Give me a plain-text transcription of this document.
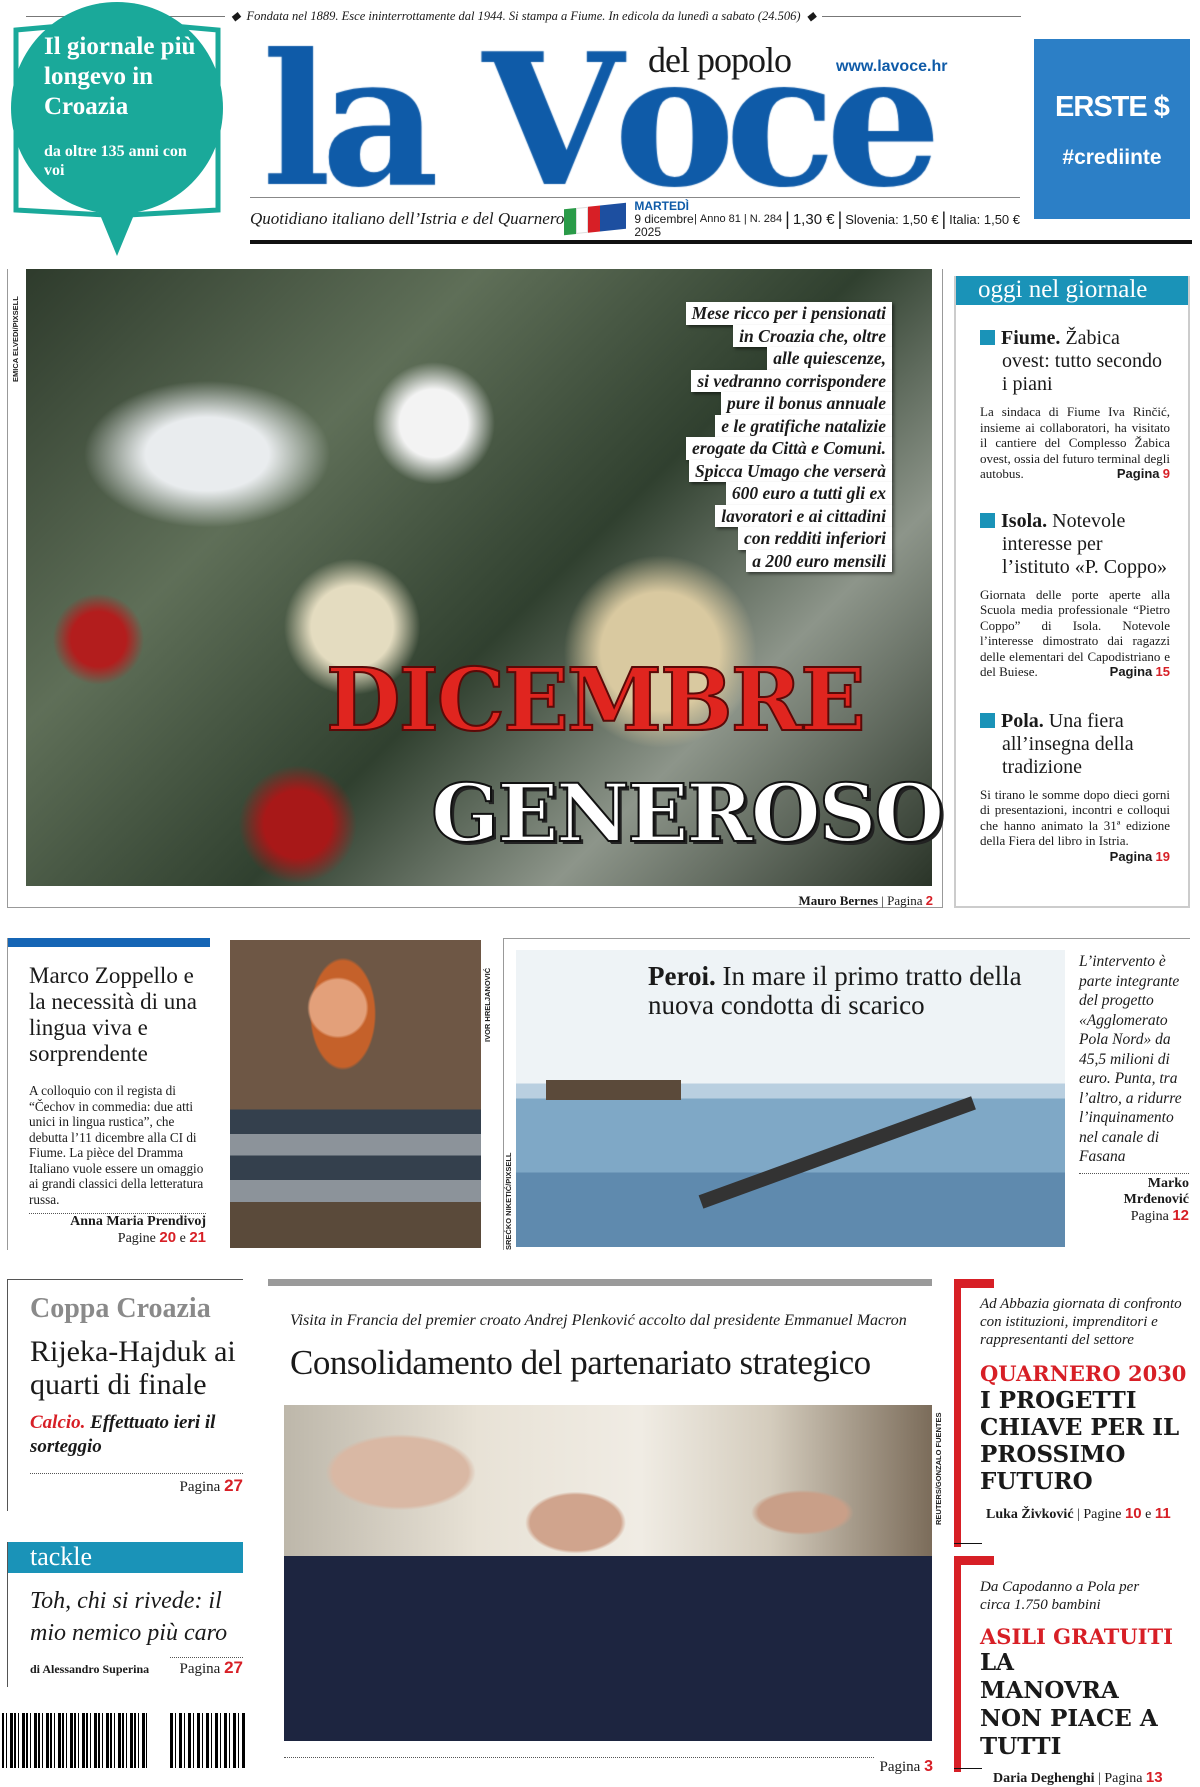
◆ Fondata nel 1889. Esce ininterrottamente dal 1944. Si stampa a Fiume. In edicola da lunedì a sabato (24.506) ◆
Il giornale più longevo in Croazia
da oltre 135 anni con voi
del popolo	www.lavoce.hr
Quotidiano italiano dell’Istria e del Quarnero
MARTEDÌ
9 dicembre 2025
| Anno 81 | N. 284 | 1,30 € | Slovenia: 1,50 € | Italia: 1,50 €
ERSTE $
#crediinte
Mese ricco per i pensionati
in Croazia che, oltre
alle quiescenze,
si vedranno corrispondere
pure il bonus annuale
e le gratifiche natalizie
erogate da Città e Comuni.
Spicca Umago che verserà
600 euro a tutti gli ex
lavoratori e ai cittadini
con redditi inferiori
a 200 euro mensili
DICEMBRE
GENEROSO
EMICA ELVEDI/PIXSELL
Mauro Bernes | Pagina 2
oggi nel giornale
Fiume. Žabica ovest: tutto secondo i piani

La sindaca di Fiume Iva Rinčić, insieme ai collaboratori, ha visitato il cantiere del Complesso Žabica ovest, ossia del futuro terminal degli autobus.	Pagina 9

Isola. Notevole interesse per l’istituto «P. Coppo»

Giornata delle porte aperte alla Scuola media professionale “Pietro Coppo” di Isola. Notevole l’interesse dimostrato dai ragazzi delle elementari del Capodistriano e del Buiese.	Pagina 15

Pola. Una fiera all’insegna della tradizione

Si tirano le somme dopo dieci gorni di presentazioni, incontri e colloqui che hanno animato la 31ª edizione della Fiera del libro in Istria.
Pagina 19

Marco Zoppello e la necessità di una lingua viva e sorprendente
A colloquio con il regista di “Čechov in commedia: due atti unici in lingua rustica”, che debutta l’11 dicembre alla CI di Fiume. La pièce del Dramma Italiano vuole essere un omaggio ai grandi classici della letteratura russa.
Anna Maria Prendivoj
Pagine 20 e 21
IVOR HRELJANOVIĆ	Peroi. In mare il primo tratto della nuova condotta di scarico
SREĆKO NIKETIĆ/PIXSELL
L’intervento è parte integrante del progetto «Agglomerato Pola Nord» da 45,5 milioni di euro. Punta, tra l’altro, a ridurre l’inquinamento nel canale di Fasana
Marko Mrđenović
Pagina 12
Coppa Croazia
Rijeka-Hajduk ai quarti di finale
Calcio. Effettuato ieri il sorteggio
Pagina 27
tackle
Toh, chi si rivede: il mio nemico più caro
di Alessandro Superina Pagina 27
Visita in Francia del premier croato Andrej Plenković accolto dal presidente Emmanuel Macron
Consolidamento del partenariato strategico
REUTERS/GONZALO FUENTES
Pagina 3
Ad Abbazia giornata di confronto con istituzioni, imprenditori e rappresentanti del settore
QUARNERO 2030
I PROGETTI CHIAVE PER IL PROSSIMO FUTURO
Luka Živković | Pagine 10 e 11
Da Capodanno a Pola per circa 1.750 bambini
ASILI GRATUITI
LA MANOVRA NON PIACE A TUTTI
Daria Deghenghi | Pagina 13
